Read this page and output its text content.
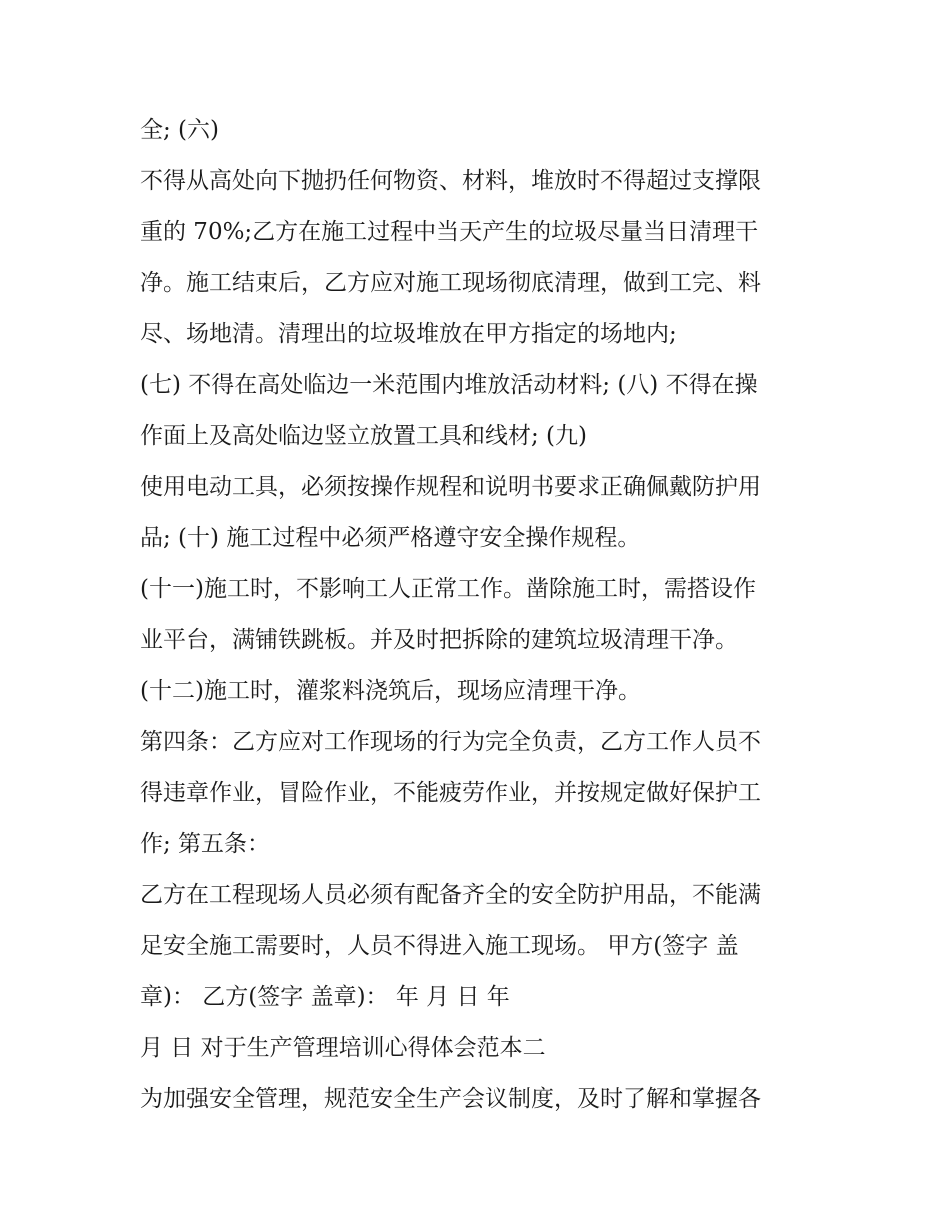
全; (六)
不得从高处向下抛扔任何物资、材料，堆放时不得超过支撑限
重的 70%;乙方在施工过程中当天产生的垃圾尽量当日清理干
净。施工结束后，乙方应对施工现场彻底清理，做到工完、料
尽、场地清。清理出的垃圾堆放在甲方指定的场地内;
(七) 不得在高处临边一米范围内堆放活动材料; (八) 不得在操
作面上及高处临边竖立放置工具和线材; (九)
使用电动工具，必须按操作规程和说明书要求正确佩戴防护用
品; (十) 施工过程中必须严格遵守安全操作规程。
(十一)施工时，不影响工人正常工作。凿除施工时，需搭设作
业平台，满铺铁跳板。并及时把拆除的建筑垃圾清理干净。
(十二)施工时，灌浆料浇筑后，现场应清理干净。
第四条：乙方应对工作现场的行为完全负责，乙方工作人员不
得违章作业，冒险作业，不能疲劳作业，并按规定做好保护工
作; 第五条：
乙方在工程现场人员必须有配备齐全的安全防护用品，不能满
足安全施工需要时，人员不得进入施工现场。 甲方(签字 盖
章)： 乙方(签字 盖章)： 年 月 日 年
月 日 对于生产管理培训心得体会范本二
为加强安全管理，规范安全生产会议制度，及时了解和掌握各
